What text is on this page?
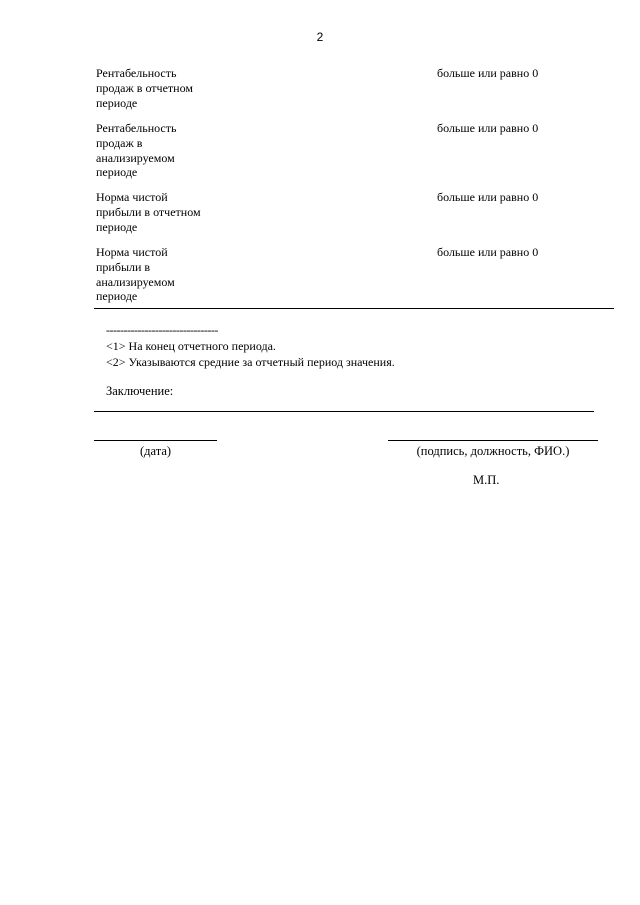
2
Рентабельность
продаж в отчетном
периоде
больше или равно 0
Рентабельность
продаж в
анализируемом
периоде
больше или равно 0
Норма чистой
прибыли в отчетном
периоде
больше или равно 0
Норма чистой
прибыли в
анализируемом
периоде
больше или равно 0
--------------------------------
<1> На конец отчетного периода.
<2> Указываются средние за отчетный период значения.
Заключение:
(дата)	(подпись, должность, ФИО.)
М.П.
